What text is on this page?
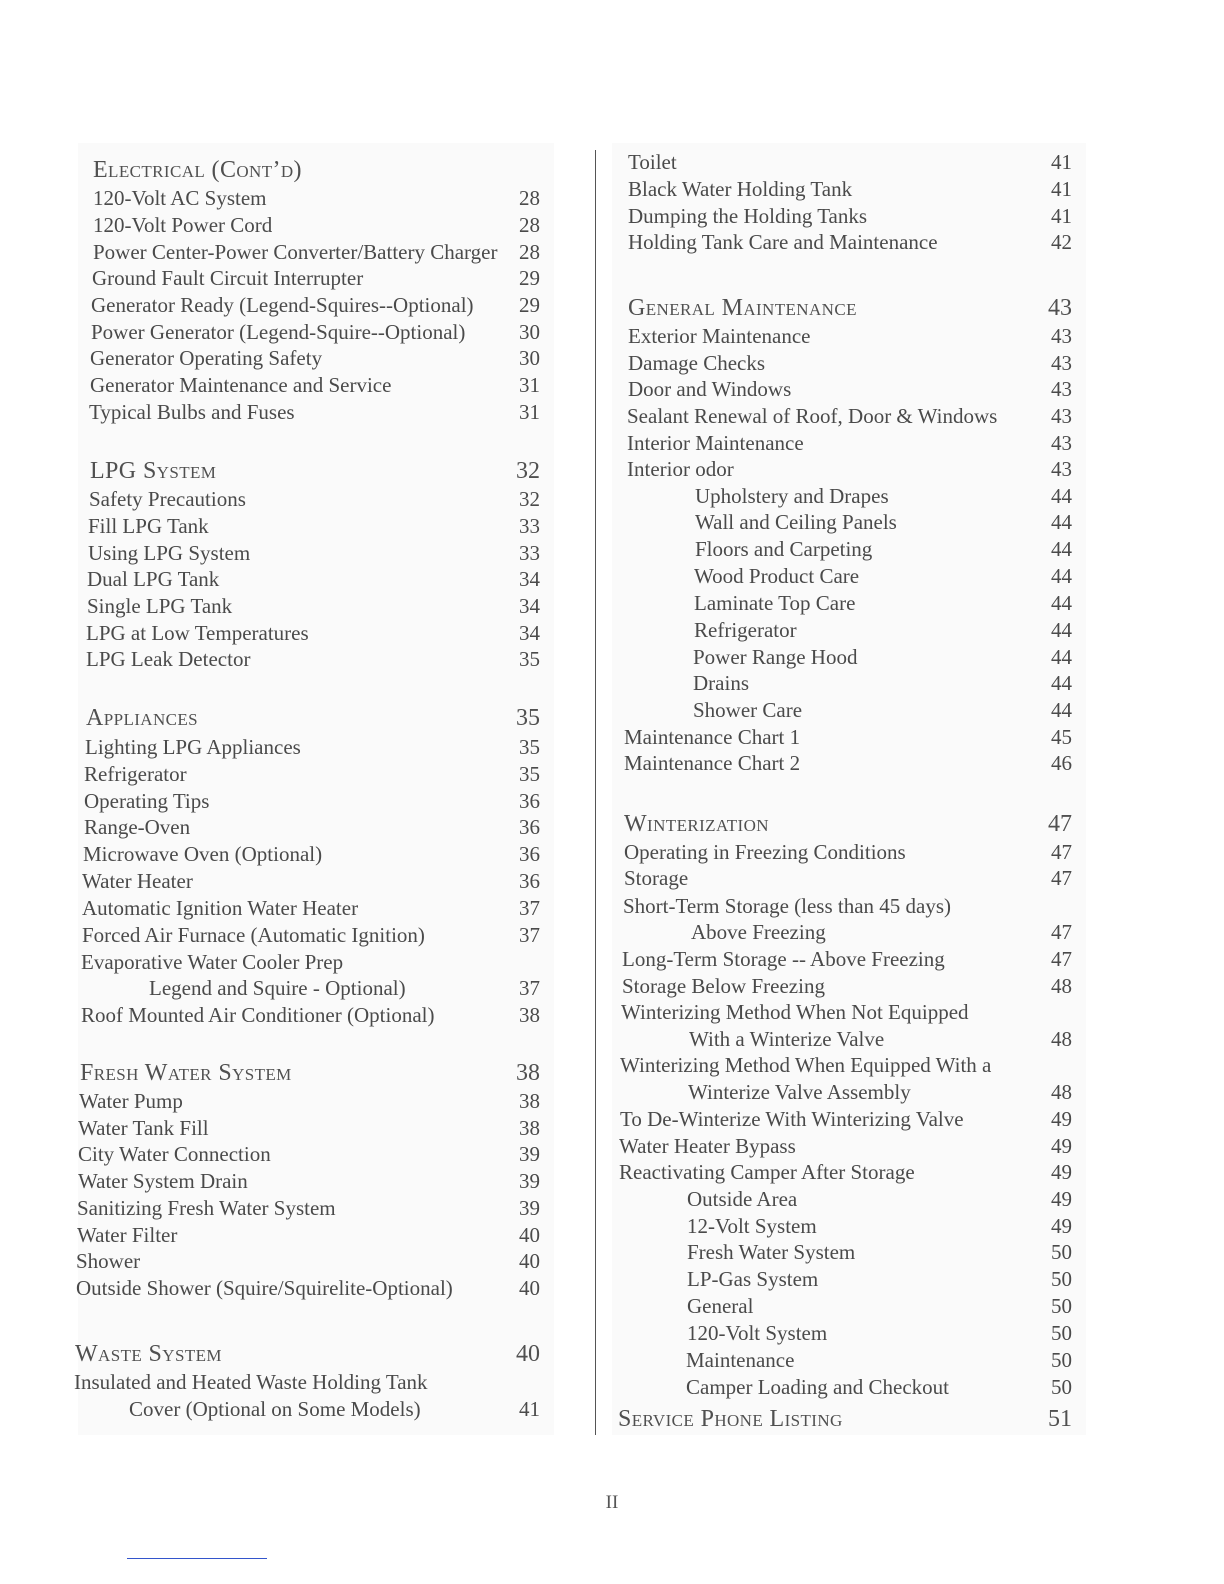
Electrical (Cont’d)
120-Volt AC System	28
120-Volt Power Cord	28
Power Center-Power Converter/Battery Charger 28
Ground Fault Circuit Interrupter	29
Generator Ready (Legend-Squires--Optional) 29
Power Generator (Legend-Squire--Optional)	30
Generator Operating Safety	30
Generator Maintenance and Service	31
Typical Bulbs and Fuses	31
LPG System	32
Safety Precautions	32
Fill LPG Tank	33
Using LPG System	33
Dual LPG Tank	34
Single LPG Tank	34
LPG at Low Temperatures	34
LPG Leak Detector	35
Appliances	35
Lighting LPG Appliances	35
Refrigerator	35
Operating Tips	36
Range-Oven	36
Microwave Oven (Optional)	36
Water Heater	36
Automatic Ignition Water Heater	37
Forced Air Furnace (Automatic Ignition)	37
Evaporative Water Cooler Prep
Legend and Squire - Optional)	37
Roof Mounted Air Conditioner (Optional)	38
Fresh Water System	38
Water Pump	38
Water Tank Fill	38
City Water Connection	39
Water System Drain	39
Sanitizing Fresh Water System	39
Water Filter	40
Shower	40
Outside Shower (Squire/Squirelite-Optional)	40
Waste System	40
Insulated and Heated Waste Holding Tank
Cover (Optional on Some Models)	41
Toilet	41
Black Water Holding Tank	41
Dumping the Holding Tanks	41
Holding Tank Care and Maintenance	42
General Maintenance	43
Exterior Maintenance	43
Damage Checks	43
Door and Windows	43
Sealant Renewal of Roof, Door & Windows	43
Interior Maintenance	43
Interior odor	43
Upholstery and Drapes	44
Wall and Ceiling Panels	44
Floors and Carpeting	44
Wood Product Care	44
Laminate Top Care	44
Refrigerator	44
Power Range Hood	44
Drains	44
Shower Care	44
Maintenance Chart 1	45
Maintenance Chart 2	46
Winterization	47
Operating in Freezing Conditions	47
Storage	47
Short-Term Storage (less than 45 days)
Above Freezing	47
Long-Term Storage -- Above Freezing	47
Storage Below Freezing	48
Winterizing Method When Not Equipped
With a Winterize Valve	48
Winterizing Method When Equipped With a
Winterize Valve Assembly	48
To De-Winterize With Winterizing Valve	49
Water Heater Bypass	49
Reactivating Camper After Storage	49
Outside Area	49
12-Volt System	49
Fresh Water System	50
LP-Gas System	50
General	50
120-Volt System	50
Maintenance	50
Camper Loading and Checkout	50
Service Phone Listing	51
II
